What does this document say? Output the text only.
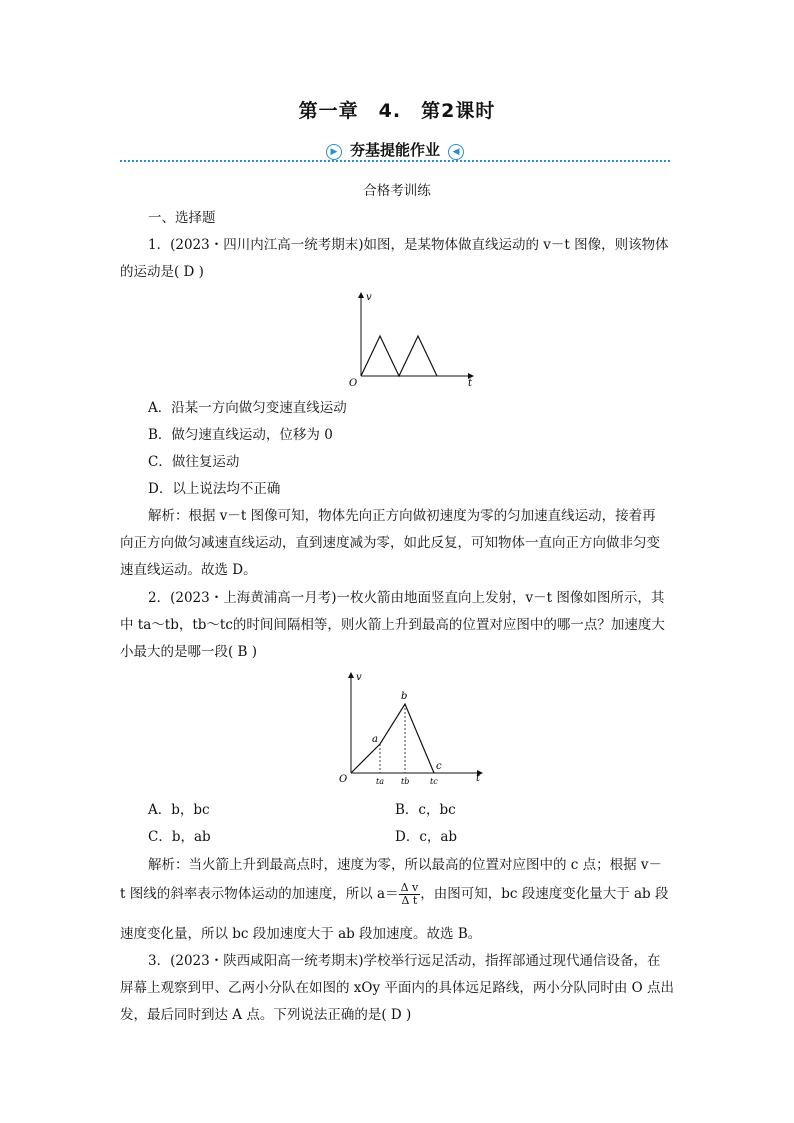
第一章　4.　第2课时
▶ 夯基提能作业 ◀
合格考训练
一、选择题
1．(2023・四川内江高一统考期末)如图，是某物体做直线运动的 v－t 图像，则该物体
的运动是( D )
v
t
O
A．沿某一方向做匀变速直线运动
B．做匀速直线运动，位移为 0
C．做往复运动
D．以上说法均不正确
解析：根据 v－t 图像可知，物体先向正方向做初速度为零的匀加速直线运动，接着再
向正方向做匀减速直线运动，直到速度减为零，如此反复，可知物体一直向正方向做非匀变
速直线运动。故选 D。
2．(2023・上海黄浦高一月考)一枚火箭由地面竖直向上发射，v－t 图像如图所示，其
中 ta～tb，tb～tc的时间间隔相等，则火箭上升到最高的位置对应图中的哪一点？加速度大
小最大的是哪一段( B )
v
t
O
a
b
c
ta tb	tc
A．b，bc	B．c，bc
C．b，ab	D．c，ab
解析：当火箭上升到最高点时，速度为零，所以最高的位置对应图中的 c 点；根据 v－
t 图线的斜率表示物体运动的加速度，所以 $a= \frac{\text{Δ v}}{\text{Δ t}}$ ，由图可知，bc 段速度变化量大于 ab 段
速度变化量，所以 bc 段加速度大于 ab 段加速度。故选 B。
3．(2023・陕西咸阳高一统考期末)学校举行远足活动，指挥部通过现代通信设备，在
屏幕上观察到甲、乙两小分队在如图的 xOy 平面内的具体远足路线，两小分队同时由 O 点出
发，最后同时到达 A 点。下列说法正确的是( D )
